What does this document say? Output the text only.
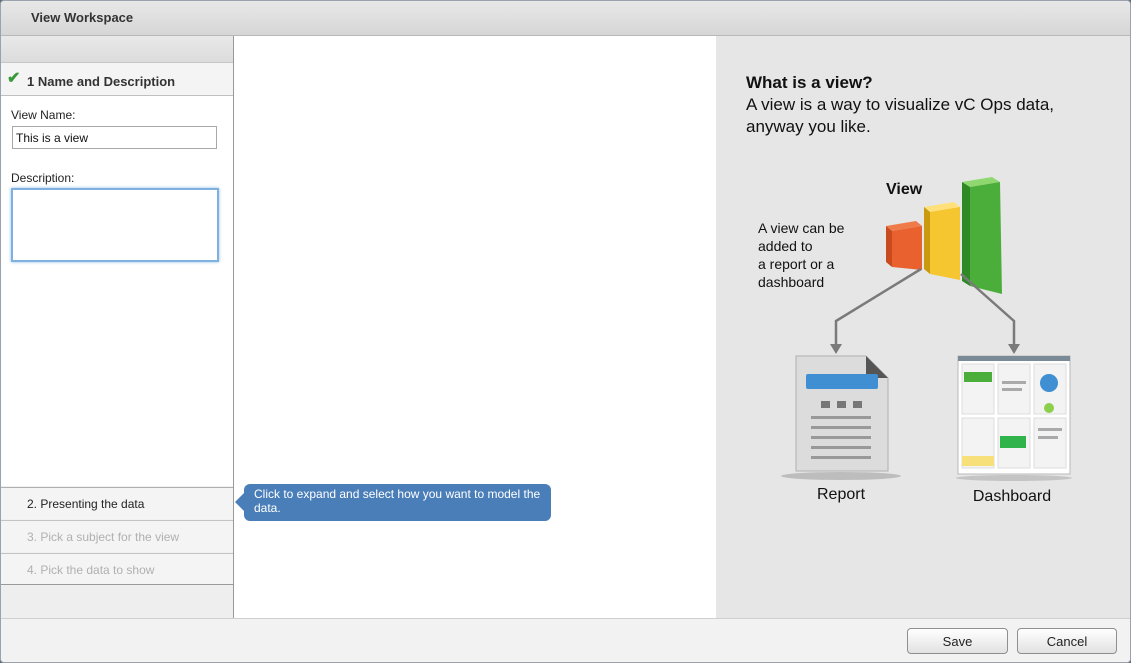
View Workspace
✔ 1 Name and Description
View Name:
This is a view
Description:
2. Presenting the data
3. Pick a subject for the view
4. Pick the data to show
Click to expand and select how you want to model the data.
What is a view?
A view is a way to visualize vC Ops data, anyway you like.
View
A view can be
added to
a report or a
dashboard
Report	Dashboard
Save	Cancel
